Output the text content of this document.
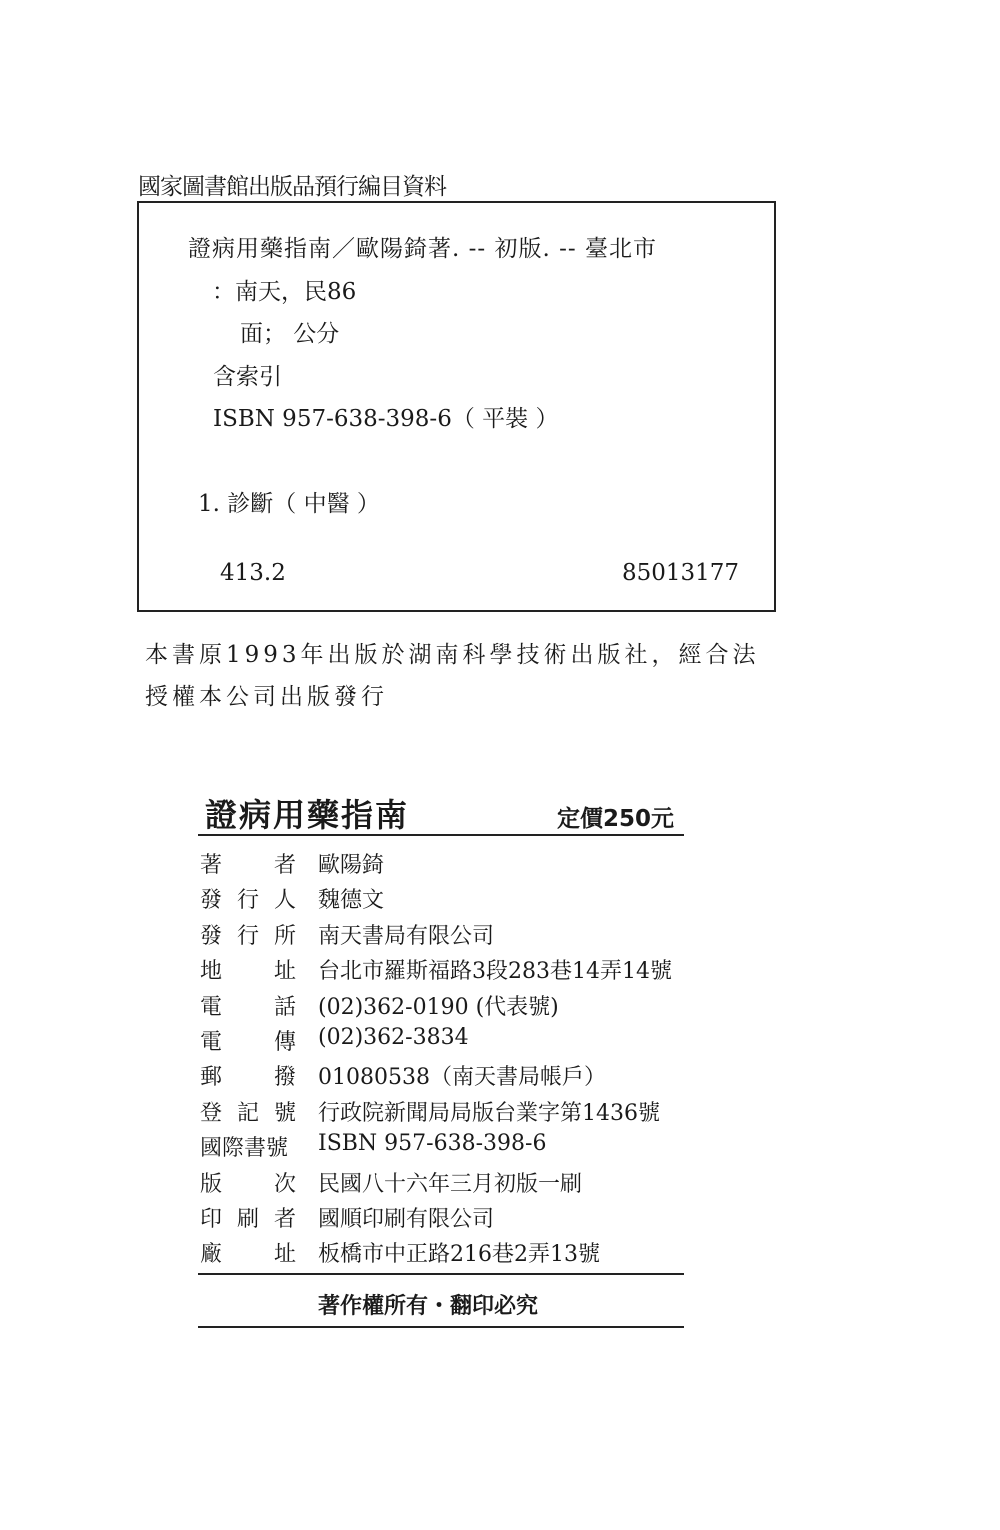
國家圖書館出版品預行編目資料
證病用藥指南／歐陽錡著. -- 初版. -- 臺北市
：南天，民86
面； 公分
含索引
ISBN 957-638-398-6（ 平裝 ）
1. 診斷（ 中醫 ）
413.2	85013177
本書原1993年出版於湖南科學技術出版社，經合法
授權本公司出版發行
證病用藥指南	定價250元
著 者 歐陽錡
發 行 人 魏德文
發 行 所 南天書局有限公司
地 址 台北市羅斯福路3段283巷14弄14號
電 話 (02)362-0190 (代表號)
電 傳 (02)362-3834
郵 撥 01080538（南天書局帳戶）
登 記 號 行政院新聞局局版台業字第1436號
國際書號 ISBN 957-638-398-6
版 次 民國八十六年三月初版一刷
印 刷 者 國順印刷有限公司
廠 址 板橋市中正路216巷2弄13號
著作權所有・翻印必究
